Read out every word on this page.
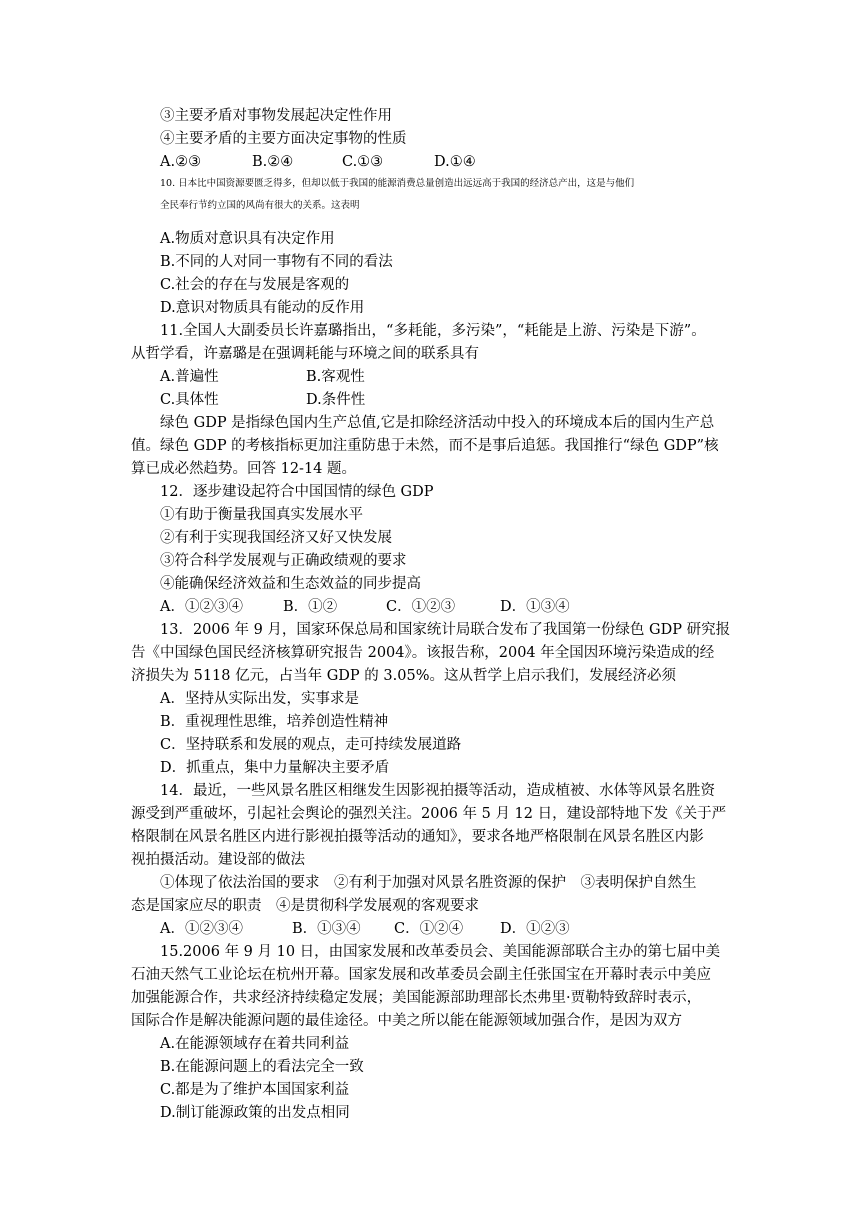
③主要矛盾对事物发展起决定性作用
④主要矛盾的主要方面决定事物的性质
A.②③	B.②④	C.①③	D.①④
10. 日本比中国资源要匮乏得多，但却以低于我国的能源消费总量创造出远远高于我国的经济总产出，这是与他们
全民奉行节约立国的风尚有很大的关系。这表明
A.物质对意识具有决定作用
B.不同的人对同一事物有不同的看法
C.社会的存在与发展是客观的
D.意识对物质具有能动的反作用
11.全国人大副委员长许嘉璐指出，“多耗能，多污染”，“耗能是上游、污染是下游”。
从哲学看，许嘉璐是在强调耗能与环境之间的联系具有
A.普遍性	B.客观性
C.具体性	D.条件性
绿色 GDP 是指绿色国内生产总值,它是扣除经济活动中投入的环境成本后的国内生产总
值。绿色 GDP 的考核指标更加注重防患于未然，而不是事后追惩。我国推行“绿色 GDP”核
算已成必然趋势。回答 12-14 题。
12．逐步建设起符合中国国情的绿色 GDP
①有助于衡量我国真实发展水平
②有利于实现我国经济又好又快发展
③符合科学发展观与正确政绩观的要求
④能确保经济效益和生态效益的同步提高
A．①②③④	B．①②	C．①②③	D．①③④
13．2006 年 9 月，国家环保总局和国家统计局联合发布了我国第一份绿色 GDP 研究报
告《中国绿色国民经济核算研究报告 2004》。该报告称，2004 年全国因环境污染造成的经
济损失为 5118 亿元，占当年 GDP 的 3.05%。这从哲学上启示我们，发展经济必须
A．坚持从实际出发，实事求是
B．重视理性思维，培养创造性精神
C．坚持联系和发展的观点，走可持续发展道路
D．抓重点，集中力量解决主要矛盾
14．最近，一些风景名胜区相继发生因影视拍摄等活动，造成植被、水体等风景名胜资
源受到严重破坏，引起社会舆论的强烈关注。2006 年 5 月 12 日，建设部特地下发《关于严
格限制在风景名胜区内进行影视拍摄等活动的通知》，要求各地严格限制在风景名胜区内影
视拍摄活动。建设部的做法
①体现了依法治国的要求　②有利于加强对风景名胜资源的保护　③表明保护自然生
态是国家应尽的职责　④是贯彻科学发展观的客观要求
A．①②③④	B．①③④ C．①②④	D．①②③
15.2006 年 9 月 10 日，由国家发展和改革委员会、美国能源部联合主办的第七届中美
石油天然气工业论坛在杭州开幕。国家发展和改革委员会副主任张国宝在开幕时表示中美应
加强能源合作，共求经济持续稳定发展；美国能源部助理部长杰弗里·贾勒特致辞时表示，
国际合作是解决能源问题的最佳途径。中美之所以能在能源领域加强合作，是因为双方
A.在能源领域存在着共同利益
B.在能源问题上的看法完全一致
C.都是为了维护本国国家利益
D.制订能源政策的出发点相同
